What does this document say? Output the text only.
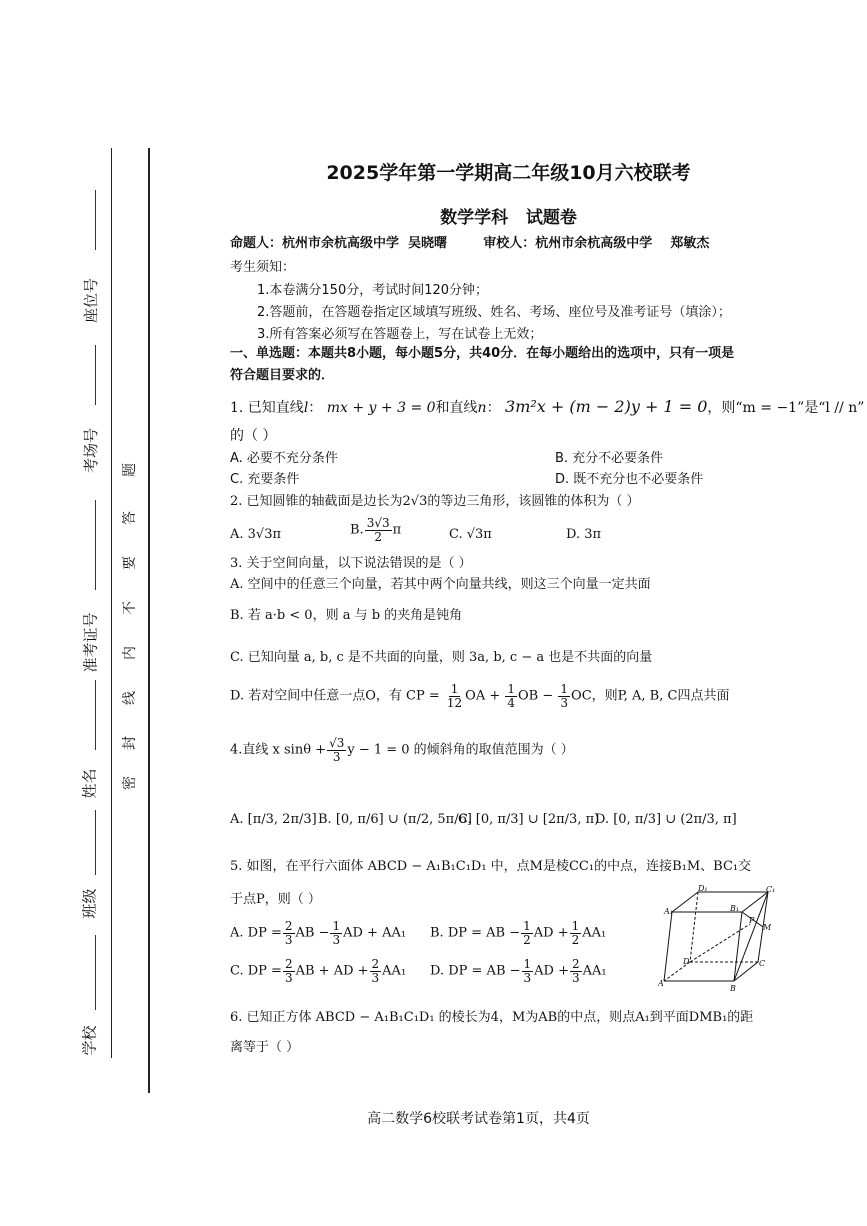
座位号
考场号
准考证号
姓名
班级
学校
题
答
要
不
内
线
封
密
2025学年第一学期高二年级10月六校联考
数学学科   试题卷
命题人：杭州市余杭高级中学  吴晓曙        审校人：杭州市余杭高级中学    郑敏杰
考生须知：
1.本卷满分150分，考试时间120分钟；
2.答题前，在答题卷指定区域填写班级、姓名、考场、座位号及准考证号（填涂）；
3.所有答案必须写在答题卷上，写在试卷上无效；
一、单选题：本题共8小题，每小题5分，共40分．在每小题给出的选项中，只有一项是
符合题目要求的．
1. 已知直线l： mx + y + 3 = 0和直线n： 3m²x + (m − 2)y + 1 = 0，则“m = −1”是“l // n”
的（ ）
A. 必要不充分条件	B. 充分不必要条件
C. 充要条件	D. 既不充分也不必要条件
2. 已知圆锥的轴截面是边长为2√3的等边三角形，该圆锥的体积为（ ）
A. 3√3π	B. $\frac{3√3}{2}$ π	C. √3π	D. 3π
3. 关于空间向量，以下说法错误的是（ ）
A. 空间中的任意三个向量，若其中两个向量共线，则这三个向量一定共面
B. 若 a·b < 0，则 a 与 b 的夹角是钝角
C. 已知向量 a, b, c 是不共面的向量，则 3a, b, c − a 也是不共面的向量
D. 若对空间中任意一点O，有 CP = $\frac{1}{12}$ OA + $\frac{1}{4}$ OB − $\frac{1}{3}$ OC，则P, A, B, C四点共面
4.直线 x $\sin\theta + \frac{√3}{3}$ y − 1 = 0 的倾斜角的取值范围为（ ）
A. [π/3, 2π/3] B. [0, π/6] ∪ (π/2, 5π/6]
C. [0, π/3] ∪ [2π/3, π)
D. [0, π/3] ∪ (2π/3, π]
5. 如图，在平行六面体 ABCD − A₁B₁C₁D₁ 中，点M是棱CC₁的中点，连接B₁M、BC₁交
于点P，则（ ）
A. DP = $\frac{2}{3}$ AB − $\frac{1}{3}$ AD + AA₁ B. DP = AB − $\frac{1}{2}$ AD + $\frac{1}{2} AA_1$
C. DP = $\frac{2}{3}$ AB + AD + $\frac{2}{3} AA_1$ D. DP = AB − $\frac{1}{3}$ AD + $\frac{2}{3} AA_1$
D₁	C₁
A₁	B₁
P
M
D	C
A
B
6. 已知正方体 ABCD − A₁B₁C₁D₁ 的棱长为4，M为AB的中点，则点A₁到平面DMB₁的距
离等于（ ）
高二数学6校联考试卷第1页，共4页
